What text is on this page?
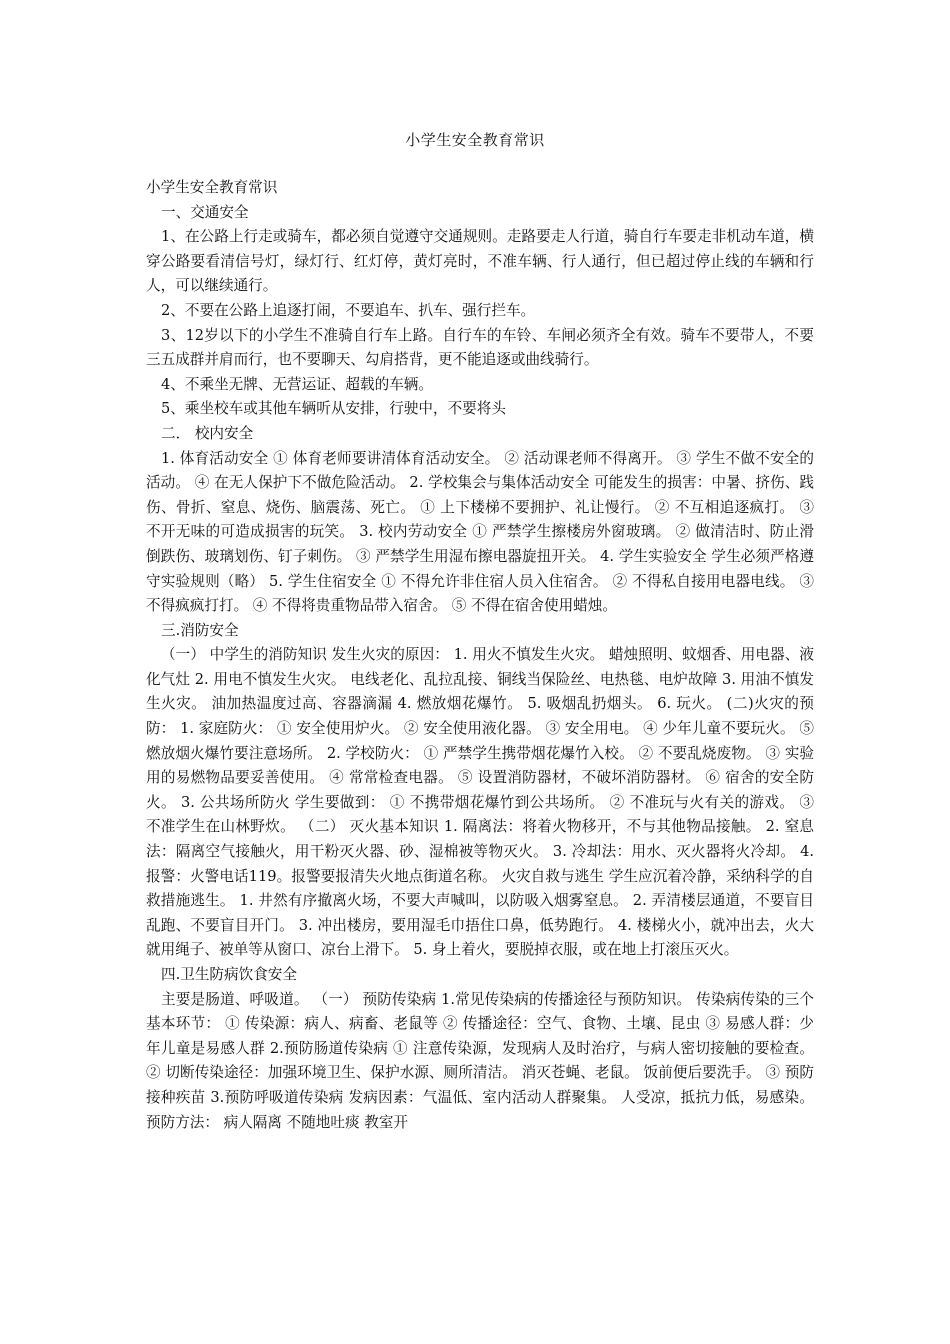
小学生安全教育常识

小学生安全教育常识

一、交通安全

1、在公路上行走或骑车，都必须自觉遵守交通规则。走路要走人行道，骑自行车要走非机动车道，横穿公路要看清信号灯，绿灯行、红灯停，黄灯亮时，不准车辆、行人通行，但已超过停止线的车辆和行人，可以继续通行。

2、不要在公路上追逐打闹，不要追车、扒车、强行拦车。

3、12岁以下的小学生不准骑自行车上路。自行车的车铃、车闸必须齐全有效。骑车不要带人，不要三五成群并肩而行，也不要聊天、勾肩搭背，更不能追逐或曲线骑行。

4、不乘坐无牌、无营运证、超载的车辆。

5、乘坐校车或其他车辆听从安排，行驶中，不要将头

二． 校内安全

1. 体育活动安全 ① 体育老师要讲清体育活动安全。 ② 活动课老师不得离开。 ③ 学生不做不安全的活动。 ④ 在无人保护下不做危险活动。 2. 学校集会与集体活动安全 可能发生的损害：中暑、挤伤、践伤、骨折、窒息、烧伤、脑震荡、死亡。 ① 上下楼梯不要拥护、礼让慢行。 ② 不互相追逐疯打。 ③ 不开无味的可造成损害的玩笑。 3. 校内劳动安全 ① 严禁学生擦楼房外窗玻璃。 ② 做清洁时、防止滑倒跌伤、玻璃划伤、钉子刺伤。 ③ 严禁学生用湿布擦电器旋扭开关。 4. 学生实验安全 学生必须严格遵守实验规则（略） 5. 学生住宿安全 ① 不得允许非住宿人员入住宿舍。 ② 不得私自接用电器电线。 ③ 不得疯疯打打。 ④ 不得将贵重物品带入宿舍。 ⑤ 不得在宿舍使用蜡烛。

三.消防安全

（一） 中学生的消防知识 发生火灾的原因： 1. 用火不慎发生火灾。 蜡烛照明、蚊烟香、用电器、液化气灶 2. 用电不慎发生火灾。 电线老化、乱拉乱接、铜线当保险丝、电热毯、电炉故障 3. 用油不慎发生火灾。 油加热温度过高、容器滴漏 4. 燃放烟花爆竹。 5. 吸烟乱扔烟头。 6. 玩火。 (二)火灾的预防： 1. 家庭防火： ① 安全使用炉火。 ② 安全使用液化器。 ③ 安全用电。 ④ 少年儿童不要玩火。 ⑤ 燃放烟火爆竹要注意场所。 2. 学校防火： ① 严禁学生携带烟花爆竹入校。 ② 不要乱烧废物。 ③ 实验用的易燃物品要妥善使用。 ④ 常常检查电器。 ⑤ 设置消防器材，不破坏消防器材。 ⑥ 宿舍的安全防火。 3. 公共场所防火 学生要做到： ① 不携带烟花爆竹到公共场所。 ② 不准玩与火有关的游戏。 ③ 不准学生在山林野炊。 （二） 灭火基本知识 1. 隔离法：将着火物移开，不与其他物品接触。 2. 窒息法：隔离空气接触火，用干粉灭火器、砂、湿棉被等物灭火。 3. 冷却法：用水、灭火器将火冷却。 4. 报警：火警电话119。报警要报清失火地点街道名称。 火灾自救与逃生 学生应沉着冷静，采纳科学的自救措施逃生。 1. 井然有序撤离火场，不要大声喊叫，以防吸入烟雾窒息。 2. 弄清楼层通道，不要盲目乱跑、不要盲目开门。 3. 冲出楼房，要用湿毛巾捂住口鼻，低势跑行。 4. 楼梯火小，就冲出去，火大就用绳子、被单等从窗口、凉台上滑下。 5. 身上着火，要脱掉衣服，或在地上打滚压灭火。

四.卫生防病饮食安全

主要是肠道、呼吸道。 （一） 预防传染病 1.常见传染病的传播途径与预防知识。 传染病传染的三个基本环节： ① 传染源：病人、病畜、老鼠等 ② 传播途径：空气、食物、土壤、昆虫 ③ 易感人群：少年儿童是易感人群 2.预防肠道传染病 ① 注意传染源，发现病人及时治疗，与病人密切接触的要检查。 ② 切断传染途径：加强环境卫生、保护水源、厕所清洁。 消灭苍蝇、老鼠。 饭前便后要洗手。 ③ 预防接种疾苗 3.预防呼吸道传染病 发病因素：气温低、室内活动人群聚集。 人受凉，抵抗力低，易感染。 预防方法： 病人隔离 不随地吐痰 教室开
